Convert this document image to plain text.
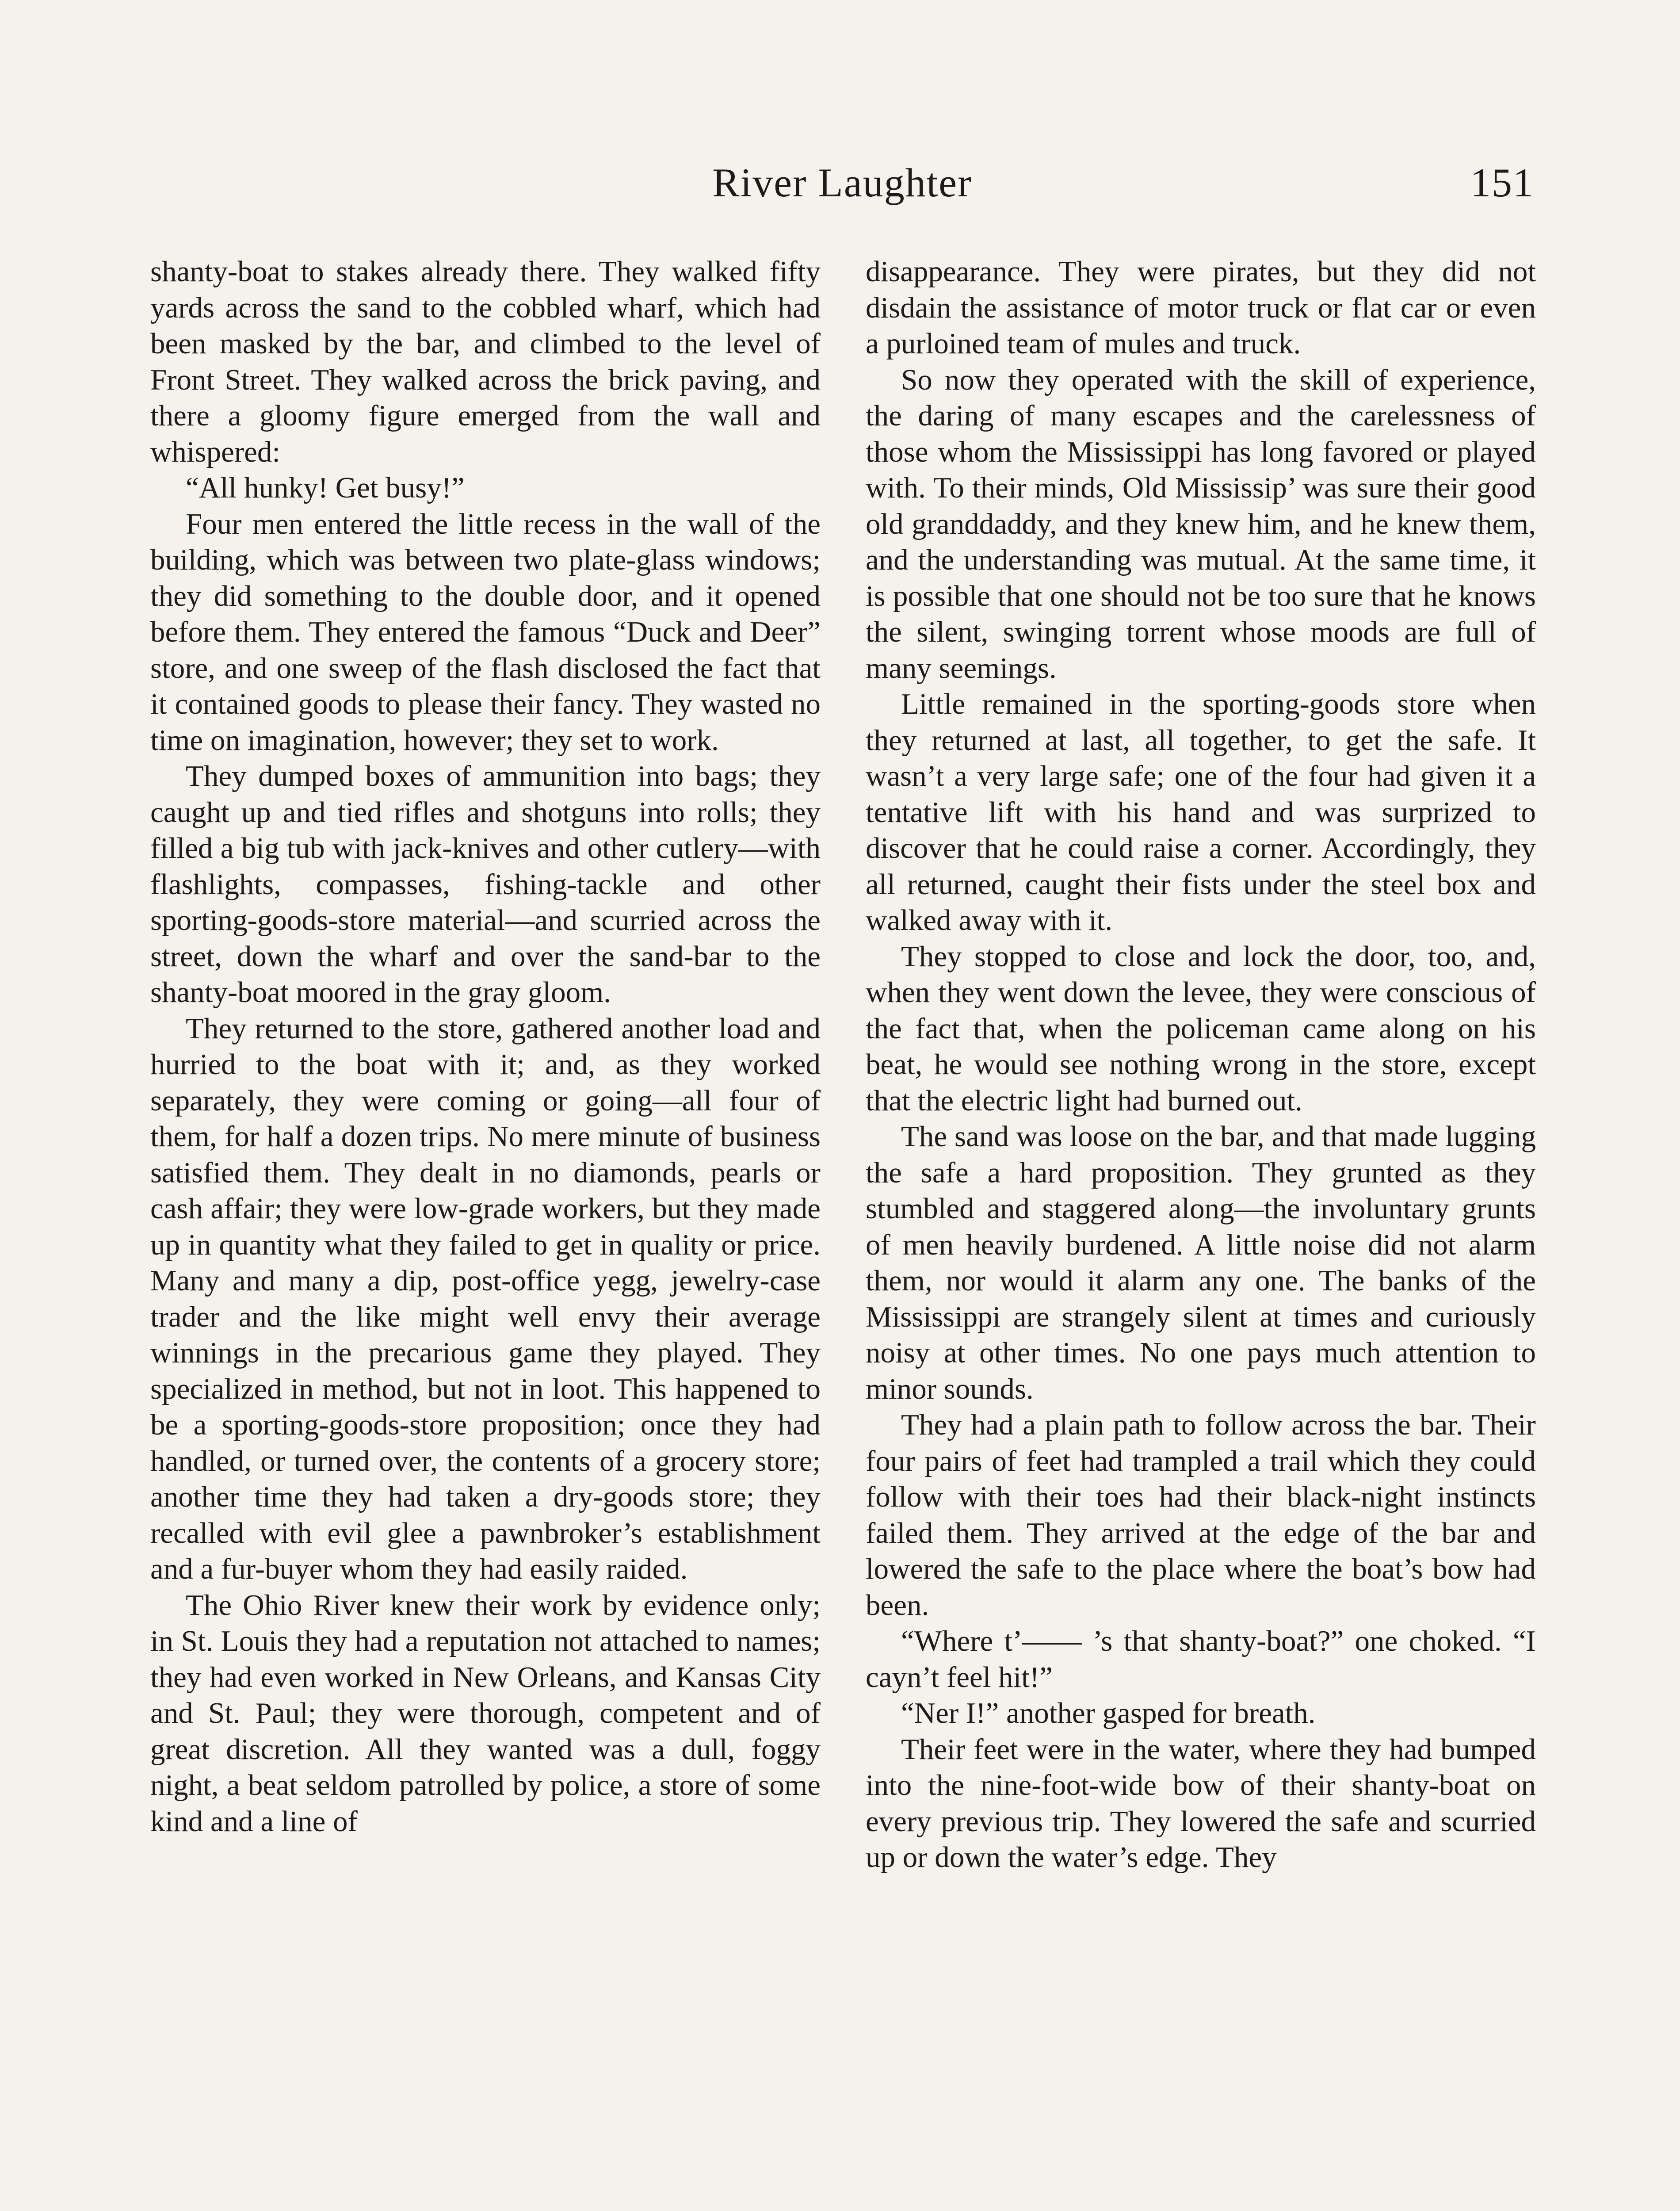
River Laughter	151

shanty-boat to stakes already there. They walked fifty yards across the sand to the cobbled wharf, which had been masked by the bar, and climbed to the level of Front Street. They walked across the brick paving, and there a gloomy figure emerged from the wall and whispered:

“All hunky! Get busy!”

Four men entered the little recess in the wall of the building, which was between two plate-glass windows; they did something to the double door, and it opened before them. They entered the famous “Duck and Deer” store, and one sweep of the flash disclosed the fact that it contained goods to please their fancy. They wasted no time on imagination, however; they set to work.

They dumped boxes of ammunition into bags; they caught up and tied rifles and shotguns into rolls; they filled a big tub with jack-knives and other cutlery—with flashlights, compasses, fishing-tackle and other sporting-goods-store material—and scurried across the street, down the wharf and over the sand-bar to the shanty-boat moored in the gray gloom.

They returned to the store, gathered another load and hurried to the boat with it; and, as they worked separately, they were coming or going—all four of them, for half a dozen trips. No mere minute of business satisfied them. They dealt in no diamonds, pearls or cash affair; they were low-grade workers, but they made up in quantity what they failed to get in quality or price. Many and many a dip, post-office yegg, jewelry-case trader and the like might well envy their average winnings in the precarious game they played. They specialized in method, but not in loot. This happened to be a sporting-goods-store proposition; once they had handled, or turned over, the contents of a grocery store; another time they had taken a dry-goods store; they recalled with evil glee a pawnbroker’s establishment and a fur-buyer whom they had easily raided.

The Ohio River knew their work by evidence only; in St. Louis they had a reputation not attached to names; they had even worked in New Orleans, and Kansas City and St. Paul; they were thorough, competent and of great discretion. All they wanted was a dull, foggy night, a beat seldom patrolled by police, a store of some kind and a line of

disappearance. They were pirates, but they did not disdain the assistance of motor truck or flat car or even a purloined team of mules and truck.

So now they operated with the skill of experience, the daring of many escapes and the carelessness of those whom the Mississippi has long favored or played with. To their minds, Old Mississip’ was sure their good old granddaddy, and they knew him, and he knew them, and the understanding was mutual. At the same time, it is possible that one should not be too sure that he knows the silent, swinging torrent whose moods are full of many seemings.

Little remained in the sporting-goods store when they returned at last, all together, to get the safe. It wasn’t a very large safe; one of the four had given it a tentative lift with his hand and was surprized to discover that he could raise a corner. Accordingly, they all returned, caught their fists under the steel box and walked away with it.

They stopped to close and lock the door, too, and, when they went down the levee, they were conscious of the fact that, when the policeman came along on his beat, he would see nothing wrong in the store, except that the electric light had burned out.

The sand was loose on the bar, and that made lugging the safe a hard proposition. They grunted as they stumbled and staggered along—the involuntary grunts of men heavily burdened. A little noise did not alarm them, nor would it alarm any one. The banks of the Mississippi are strangely silent at times and curiously noisy at other times. No one pays much attention to minor sounds.

They had a plain path to follow across the bar. Their four pairs of feet had trampled a trail which they could follow with their toes had their black-night instincts failed them. They arrived at the edge of the bar and lowered the safe to the place where the boat’s bow had been.

“Where t’—— ’s that shanty-boat?” one choked. “I cayn’t feel hit!”

“Ner I!” another gasped for breath.

Their feet were in the water, where they had bumped into the nine-foot-wide bow of their shanty-boat on every previous trip. They lowered the safe and scurried up or down the water’s edge. They
